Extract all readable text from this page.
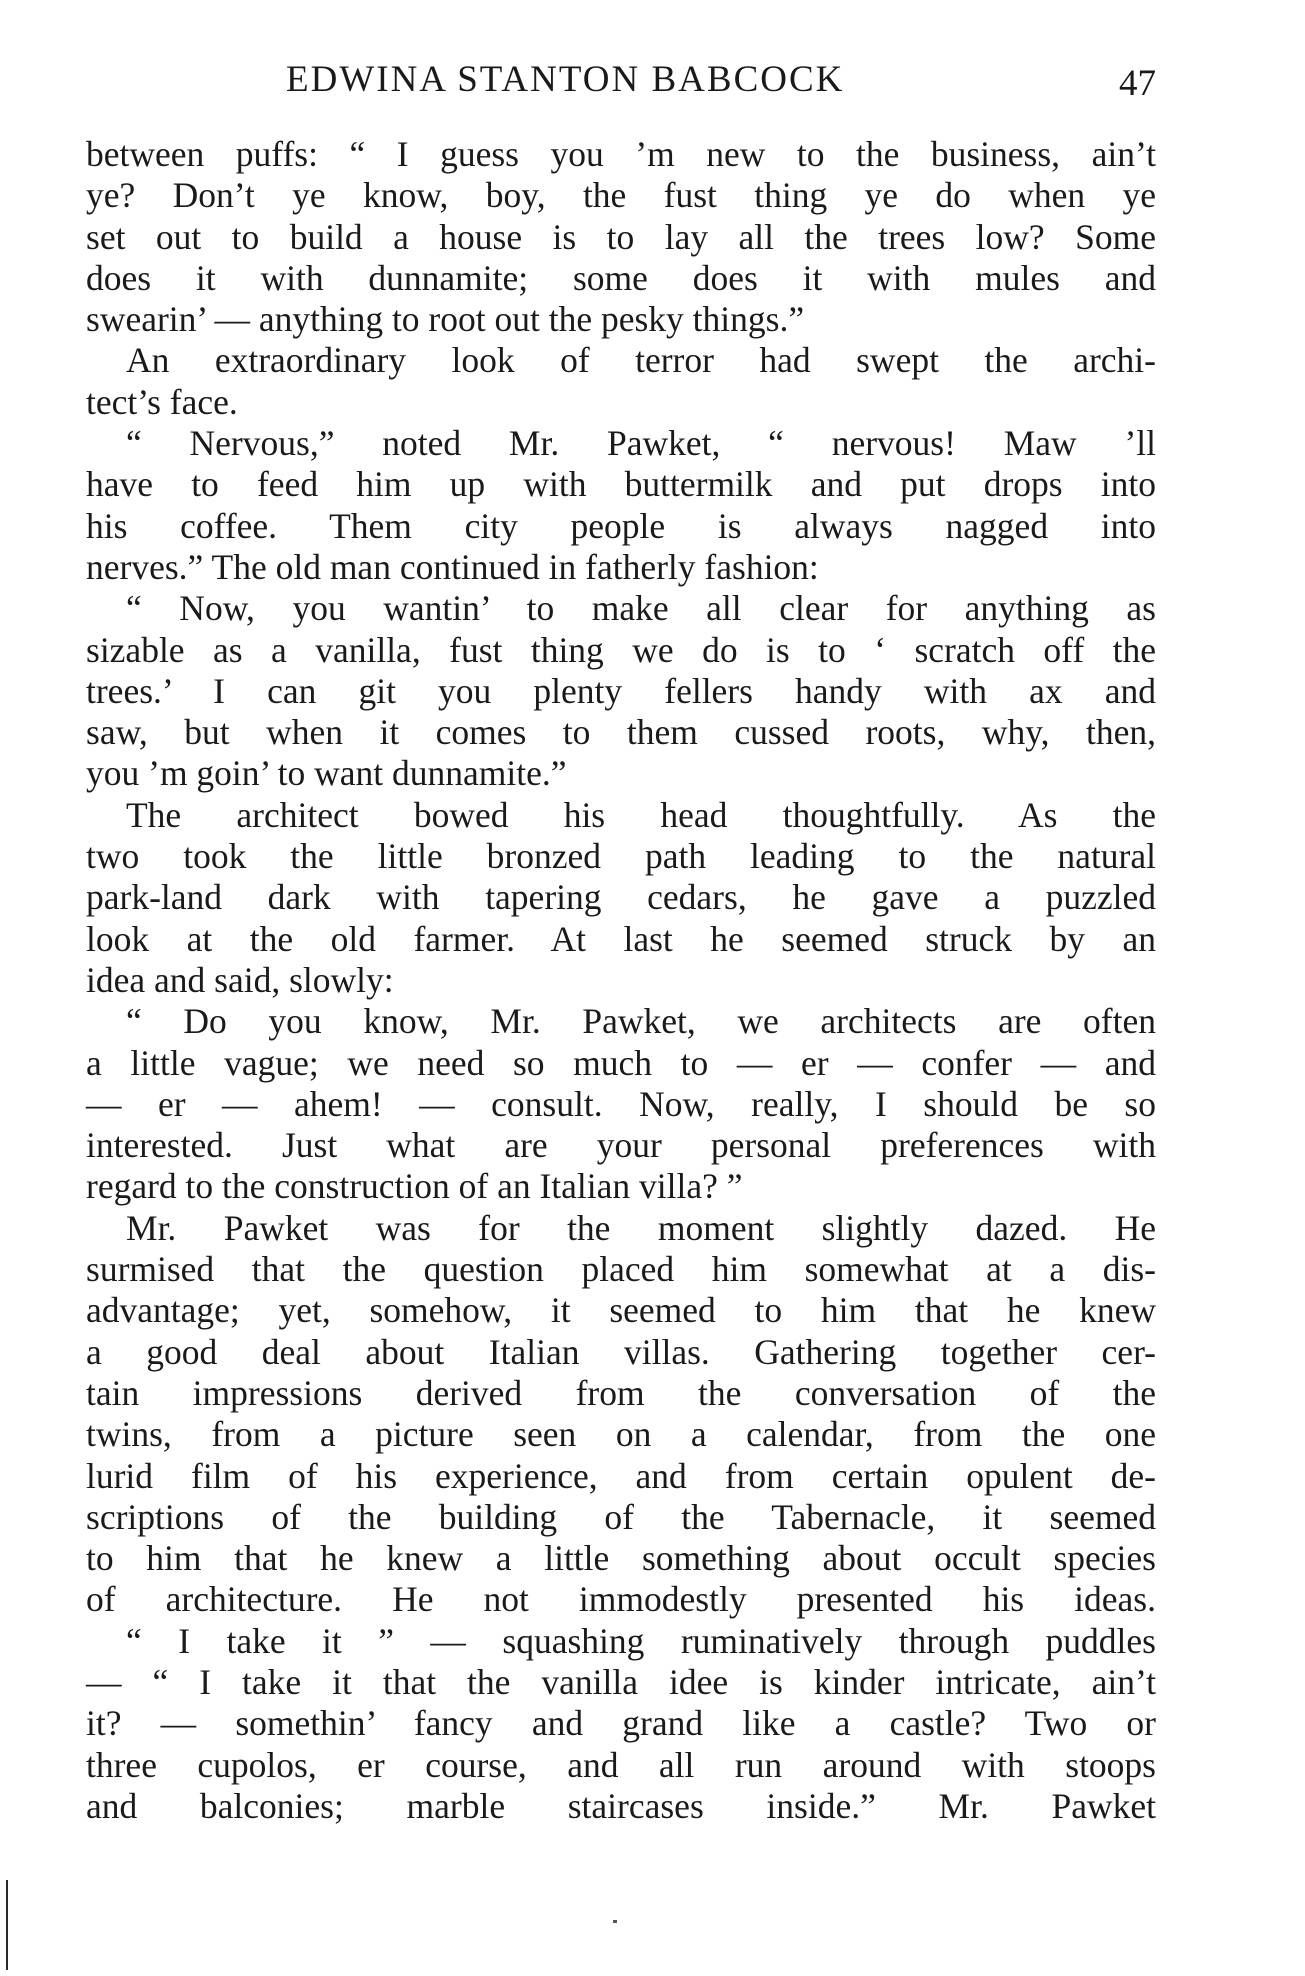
EDWINA STANTON BABCOCK	47
between puffs: “ I guess you ’m new to the business, ain’t
ye? Don’t ye know, boy, the fust thing ye do when ye
set out to build a house is to lay all the trees low? Some
does it with dunnamite; some does it with mules and
swearin’ — anything to root out the pesky things.”
An extraordinary look of terror had swept the archi-
tect’s face.
“ Nervous,” noted Mr. Pawket, “ nervous! Maw ’ll
have to feed him up with buttermilk and put drops into
his coffee. Them city people is always nagged into
nerves.” The old man continued in fatherly fashion:
“ Now, you wantin’ to make all clear for anything as
sizable as a vanilla, fust thing we do is to ‘ scratch off the
trees.’ I can git you plenty fellers handy with ax and
saw, but when it comes to them cussed roots, why, then,
you ’m goin’ to want dunnamite.”
The architect bowed his head thoughtfully. As the
two took the little bronzed path leading to the natural
park-land dark with tapering cedars, he gave a puzzled
look at the old farmer. At last he seemed struck by an
idea and said, slowly:
“ Do you know, Mr. Pawket, we architects are often
a little vague; we need so much to — er — confer — and
— er — ahem! — consult. Now, really, I should be so
interested. Just what are your personal preferences with
regard to the construction of an Italian villa? ”
Mr. Pawket was for the moment slightly dazed. He
surmised that the question placed him somewhat at a dis-
advantage; yet, somehow, it seemed to him that he knew
a good deal about Italian villas. Gathering together cer-
tain impressions derived from the conversation of the
twins, from a picture seen on a calendar, from the one
lurid film of his experience, and from certain opulent de-
scriptions of the building of the Tabernacle, it seemed
to him that he knew a little something about occult species
of architecture. He not immodestly presented his ideas.
“ I take it ” — squashing ruminatively through puddles
— “ I take it that the vanilla idee is kinder intricate, ain’t
it? — somethin’ fancy and grand like a castle? Two or
three cupolos, er course, and all run around with stoops
and balconies; marble staircases inside.” Mr. Pawket
